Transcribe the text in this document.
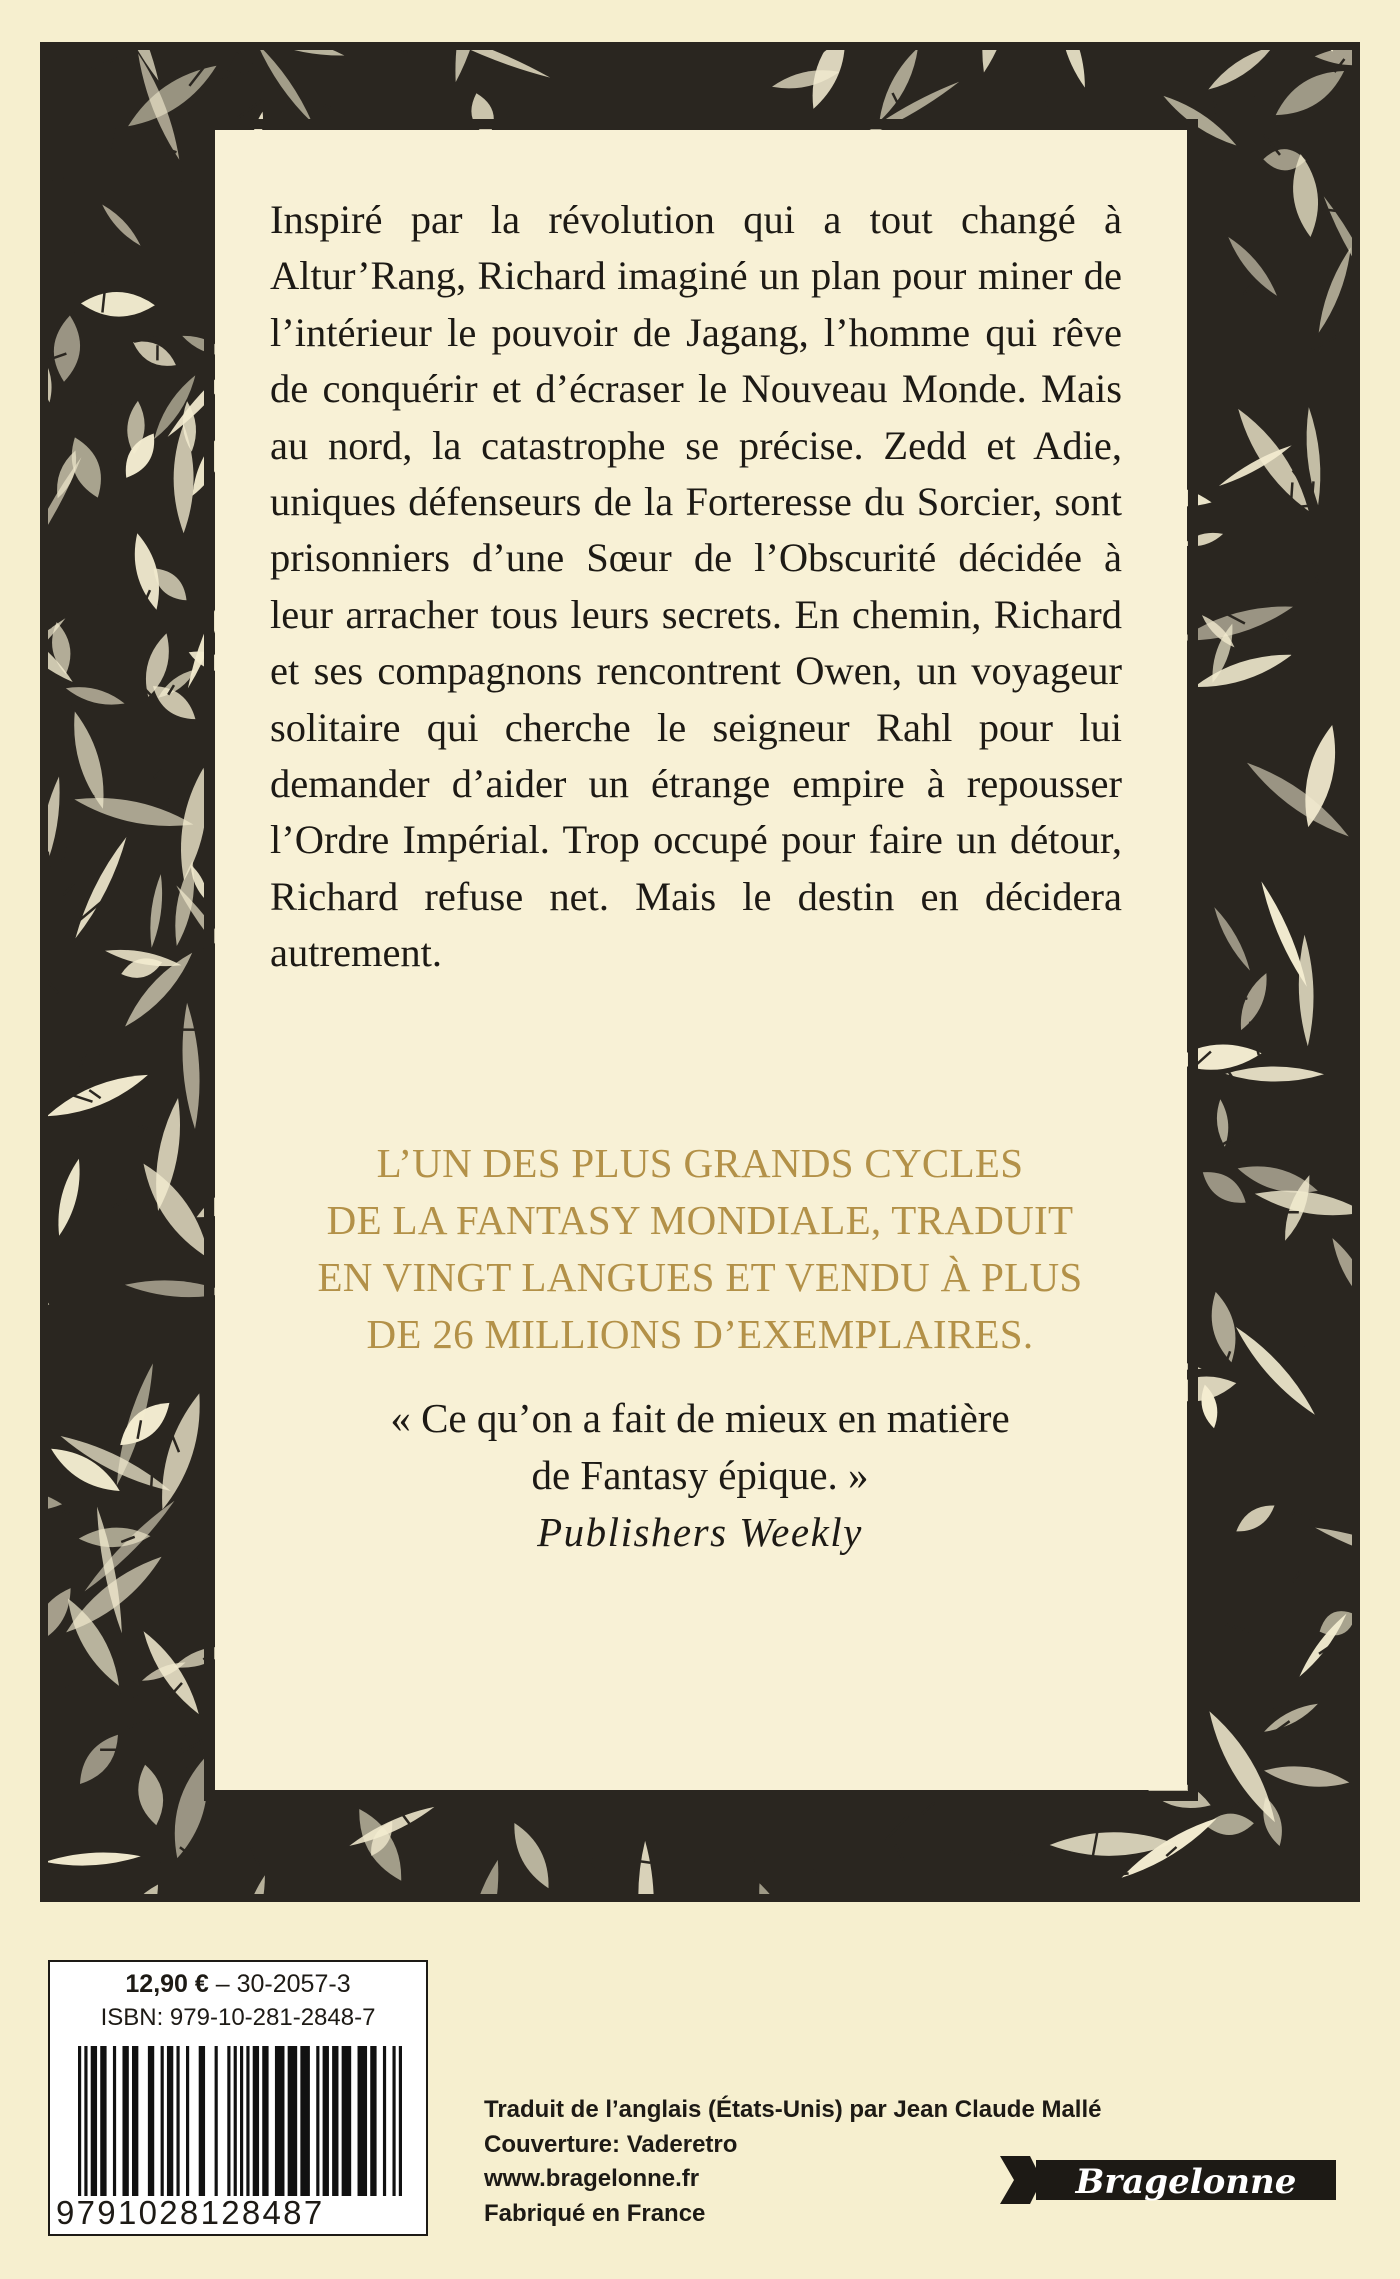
Inspiré par la révolution qui a tout changé à Altur’Rang, Richard imaginé un plan pour miner de l’intérieur le pouvoir de Jagang, l’homme qui rêve de conquérir et d’écraser le Nouveau Monde. Mais au nord, la catastrophe se précise. Zedd et Adie, uniques défenseurs de la Forteresse du Sorcier, sont prisonniers d’une Sœur de l’Obscurité décidée à leur arracher tous leurs secrets. En chemin, Richard et ses compagnons rencontrent Owen, un voyageur solitaire qui cherche le seigneur Rahl pour lui demander d’aider un étrange empire à repousser l’Ordre Impérial. Trop occupé pour faire un détour, Richard refuse net. Mais le destin en décidera autrement.

L’UN DES PLUS GRANDS CYCLES
DE LA FANTASY MONDIALE, TRADUIT
EN VINGT LANGUES ET VENDU À PLUS
DE 26 MILLIONS D’EXEMPLAIRES.
« Ce qu’on a fait de mieux en matière
de Fantasy épique. »
Publishers Weekly
12,90 € – 30-2057-3
ISBN: 979-10-281-2848-7
9791028128487
Traduit de l’anglais (États-Unis) par Jean Claude Mallé
Couverture: Vaderetro
www.bragelonne.fr
Fabriqué en France
Bragelonne
